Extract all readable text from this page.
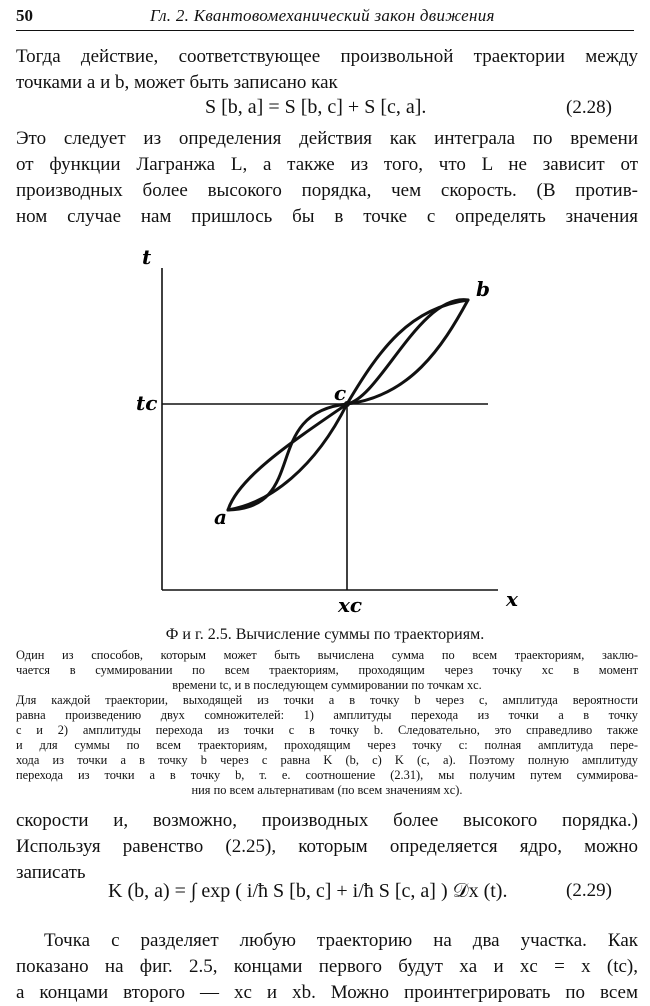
50	Гл. 2. Квантовомеханический закон движения
Тогда действие, соответствующее произвольной траектории между
точками a и b, может быть записано как
S [b, a] = S [b, c] + S [c, a].	(2.28)
Это следует из определения действия как интеграла по времени
от функции Лагранжа L, а также из того, что L не зависит от
производных более высокого порядка, чем скорость. (В против-
ном случае нам пришлось бы в точке c определять значения
t
x
tc
xc
a
b
c
Ф и г. 2.5. Вычисление суммы по траекториям.
Один из способов, которым может быть вычислена сумма по всем траекториям, заклю-
чается в суммировании по всем траекториям, проходящим через точку xc в момент
времени tc, и в последующем суммировании по точкам xc.
Для каждой траектории, выходящей из точки a в точку b через c, амплитуда вероятности
равна произведению двух сомножителей: 1) амплитуды перехода из точки a в точку
c и 2) амплитуды перехода из точки c в точку b. Следовательно, это справедливо также
и для суммы по всем траекториям, проходящим через точку c: полная амплитуда пере-
хода из точки a в точку b через c равна K (b, c) K (c, a). Поэтому полную амплитуду
перехода из точки a в точку b, т. е. соотношение (2.31), мы получим путем суммирова-
ния по всем альтернативам (по всем значениям xc).
скорости и, возможно, производных более высокого порядка.)
Используя равенство (2.25), которым определяется ядро, можно
записать
K (b, a) = ∫ exp ( i/ħ S [b, c] + i/ħ S [c, a] ) 𝒟x (t).	(2.29)
Точка c разделяет любую траекторию на два участка. Как
показано на фиг. 2.5, концами первого будут xa и xc = x (tc),
а концами второго — xc и xb. Можно проинтегрировать по всем
